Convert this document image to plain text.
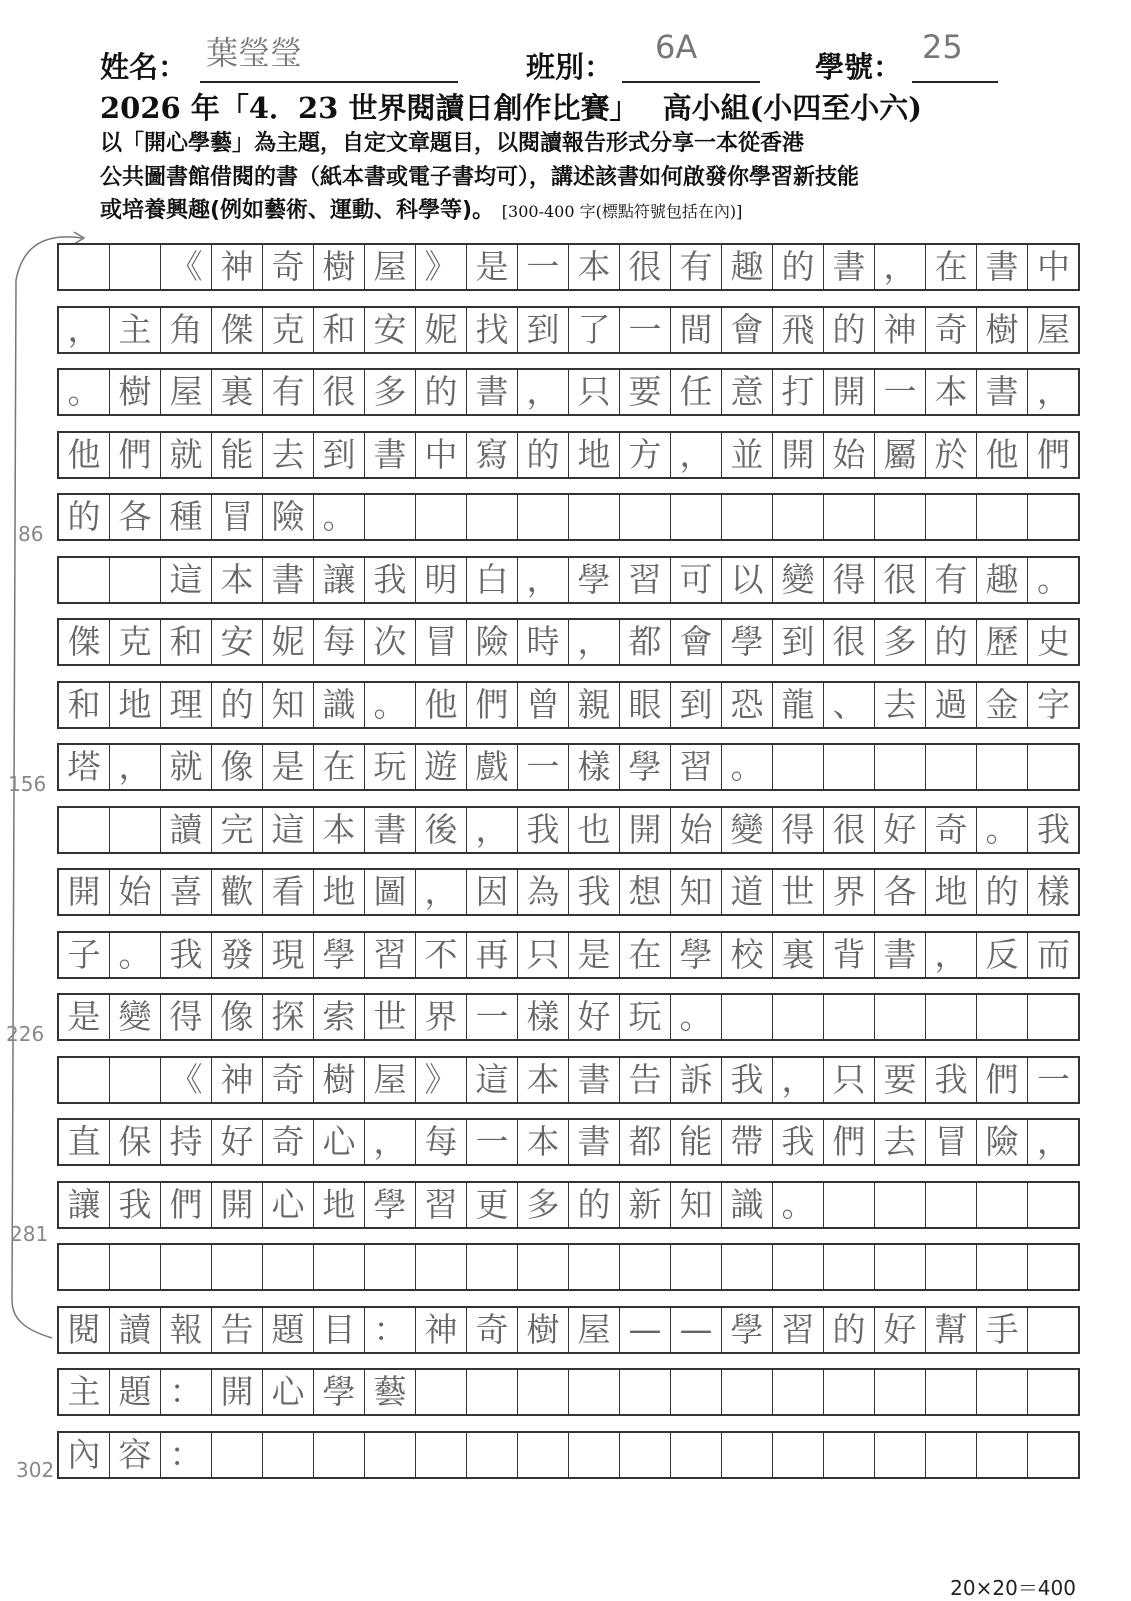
姓名： 葉瑩瑩	班別：
6A
學號：
25
2026 年「4．23 世界閱讀日創作比賽」 高小組(小四至小六)
以「開心學藝」為主題，自定文章題目，以閱讀報告形式分享一本從香港
公共圖書館借閱的書（紙本書或電子書均可），講述該書如何啟發你學習新技能
或培養興趣(例如藝術、運動、科學等)。 [300-400 字(標點符號包括在內)]
《 神 奇 樹 屋 》 是 一 本 很 有 趣 的 書 ， 在 書 中
， 主 角 傑 克 和 安 妮 找 到 了 一 間 會 飛 的 神 奇 樹 屋
。 樹 屋 裏 有 很 多 的 書 ， 只 要 任 意 打 開 一 本 書 ，
他 們 就 能 去 到 書 中 寫 的 地 方 ， 並 開 始 屬 於 他 們
的 各 種 冒 險 。
這 本 書 讓 我 明 白 ， 學 習 可 以 變 得 很 有 趣 。
傑 克 和 安 妮 每 次 冒 險 時 ， 都 會 學 到 很 多 的 歷 史
和 地 理 的 知 識 。 他 們 曾 親 眼 到 恐 龍 、 去 過 金 字
塔 ， 就 像 是 在 玩 遊 戲 一 樣 學 習 。
讀 完 這 本 書 後 ， 我 也 開 始 變 得 很 好 奇 。 我
開 始 喜 歡 看 地 圖 ， 因 為 我 想 知 道 世 界 各 地 的 樣
子 。 我 發 現 學 習 不 再 只 是 在 學 校 裏 背 書 ， 反 而
是 變 得 像 探 索 世 界 一 樣 好 玩 。
《 神 奇 樹 屋 》 這 本 書 告 訴 我 ， 只 要 我 們 一
直 保 持 好 奇 心 ， 每 一 本 書 都 能 帶 我 們 去 冒 險 ，
讓 我 們 開 心 地 學 習 更 多 的 新 知 識 。
閱 讀 報 告 題 目 ： 神 奇 樹 屋 — — 學 習 的 好 幫 手
主 題 ： 開 心 學 藝
內 容 ：
86
156
226
281
302
20×20＝400
